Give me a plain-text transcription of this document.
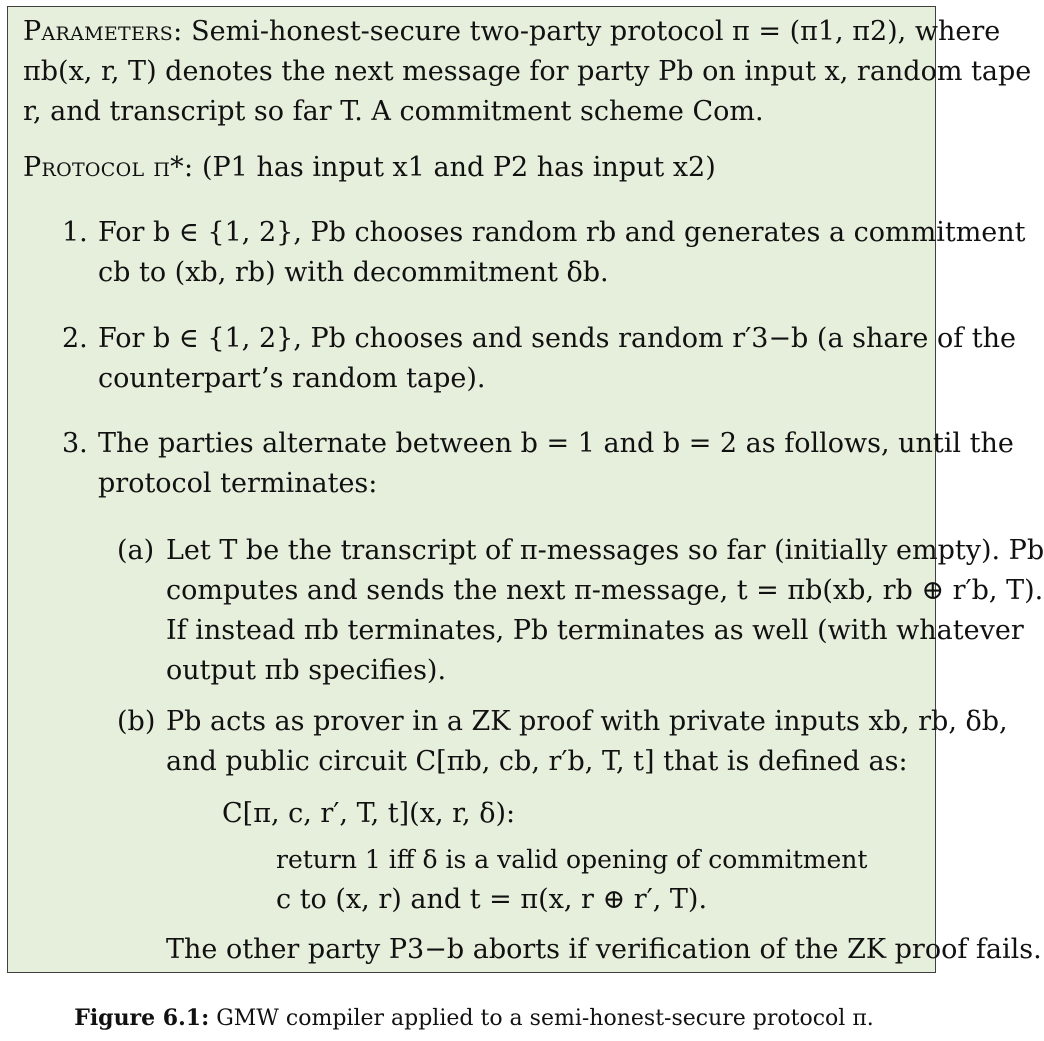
Parameters: Semi-honest-secure two-party protocol π = (π1, π2), where
πb(x, r, T) denotes the next message for party Pb on input x, random tape
r, and transcript so far T. A commitment scheme Com.
Protocol π*: (P1 has input x1 and P2 has input x2)
1. For b ∈ {1, 2}, Pb chooses random rb and generates a commitment
cb to (xb, rb) with decommitment δb.
2. For b ∈ {1, 2}, Pb chooses and sends random r′3−b (a share of the
counterpart’s random tape).
3. The parties alternate between b = 1 and b = 2 as follows, until the
protocol terminates:
(a) Let T be the transcript of π-messages so far (initially empty). Pb
computes and sends the next π-message, t = πb(xb, rb ⊕ r′b, T).
If instead πb terminates, Pb terminates as well (with whatever
output πb specifies).
(b) Pb acts as prover in a ZK proof with private inputs xb, rb, δb,
and public circuit C[πb, cb, r′b, T, t] that is defined as:
C[π, c, r′, T, t](x, r, δ):
return 1 iff δ is a valid opening of commitment
c to (x, r) and t = π(x, r ⊕ r′, T).
The other party P3−b aborts if verification of the ZK proof fails.
Figure 6.1: GMW compiler applied to a semi-honest-secure protocol π.
